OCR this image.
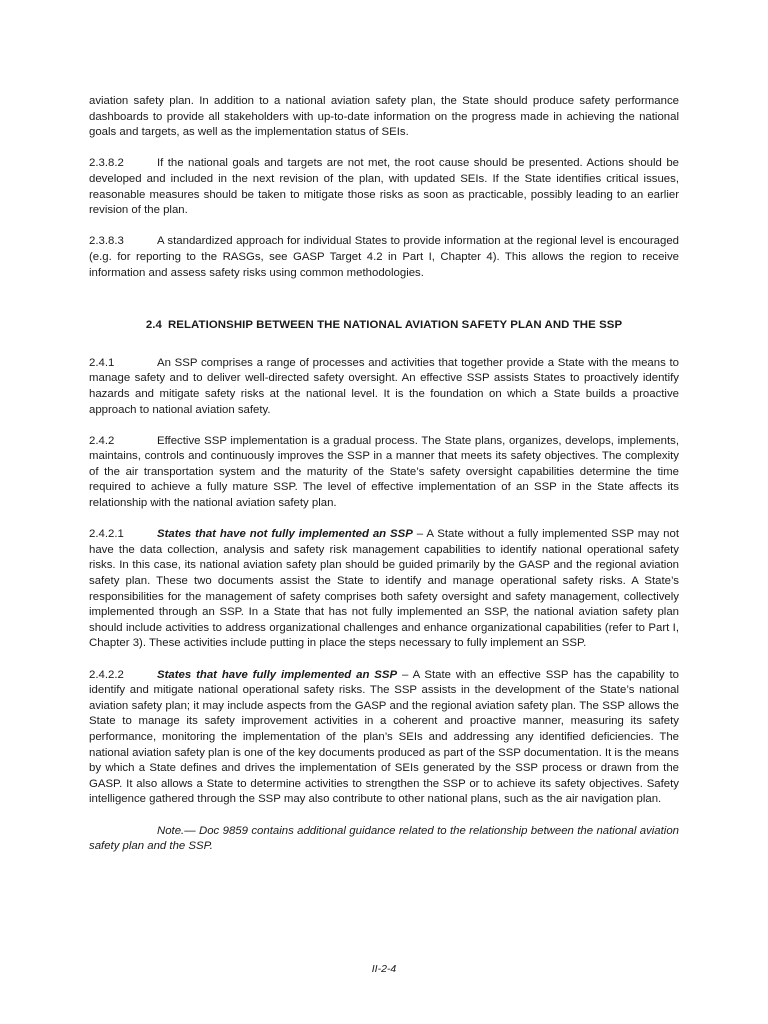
aviation safety plan. In addition to a national aviation safety plan, the State should produce safety performance dashboards to provide all stakeholders with up-to-date information on the progress made in achieving the national goals and targets, as well as the implementation status of SEIs.

2.3.8.2	If the national goals and targets are not met, the root cause should be presented. Actions should be developed and included in the next revision of the plan, with updated SEIs. If the State identifies critical issues, reasonable measures should be taken to mitigate those risks as soon as practicable, possibly leading to an earlier revision of the plan.

2.3.8.3	A standardized approach for individual States to provide information at the regional level is encouraged (e.g. for reporting to the RASGs, see GASP Target 4.2 in Part I, Chapter 4). This allows the region to receive information and assess safety risks using common methodologies.

2.4 RELATIONSHIP BETWEEN THE NATIONAL AVIATION SAFETY PLAN AND THE SSP

2.4.1	An SSP comprises a range of processes and activities that together provide a State with the means to manage safety and to deliver well-directed safety oversight. An effective SSP assists States to proactively identify hazards and mitigate safety risks at the national level. It is the foundation on which a State builds a proactive approach to national aviation safety.

2.4.2	Effective SSP implementation is a gradual process. The State plans, organizes, develops, implements, maintains, controls and continuously improves the SSP in a manner that meets its safety objectives. The complexity of the air transportation system and the maturity of the State’s safety oversight capabilities determine the time required to achieve a fully mature SSP. The level of effective implementation of an SSP in the State affects its relationship with the national aviation safety plan.

2.4.2.1	States that have not fully implemented an SSP – A State without a fully implemented SSP may not have the data collection, analysis and safety risk management capabilities to identify national operational safety risks. In this case, its national aviation safety plan should be guided primarily by the GASP and the regional aviation safety plan. These two documents assist the State to identify and manage operational safety risks. A State’s responsibilities for the management of safety comprises both safety oversight and safety management, collectively implemented through an SSP. In a State that has not fully implemented an SSP, the national aviation safety plan should include activities to address organizational challenges and enhance organizational capabilities (refer to Part I, Chapter 3). These activities include putting in place the steps necessary to fully implement an SSP.

2.4.2.2	States that have fully implemented an SSP – A State with an effective SSP has the capability to identify and mitigate national operational safety risks. The SSP assists in the development of the State’s national aviation safety plan; it may include aspects from the GASP and the regional aviation safety plan. The SSP allows the State to manage its safety improvement activities in a coherent and proactive manner, measuring its safety performance, monitoring the implementation of the plan’s SEIs and addressing any identified deficiencies. The national aviation safety plan is one of the key documents produced as part of the SSP documentation. It is the means by which a State defines and drives the implementation of SEIs generated by the SSP process or drawn from the GASP. It also allows a State to determine activities to strengthen the SSP or to achieve its safety objectives. Safety intelligence gathered through the SSP may also contribute to other national plans, such as the air navigation plan.

Note.— Doc 9859 contains additional guidance related to the relationship between the national aviation safety plan and the SSP.

II-2-4
